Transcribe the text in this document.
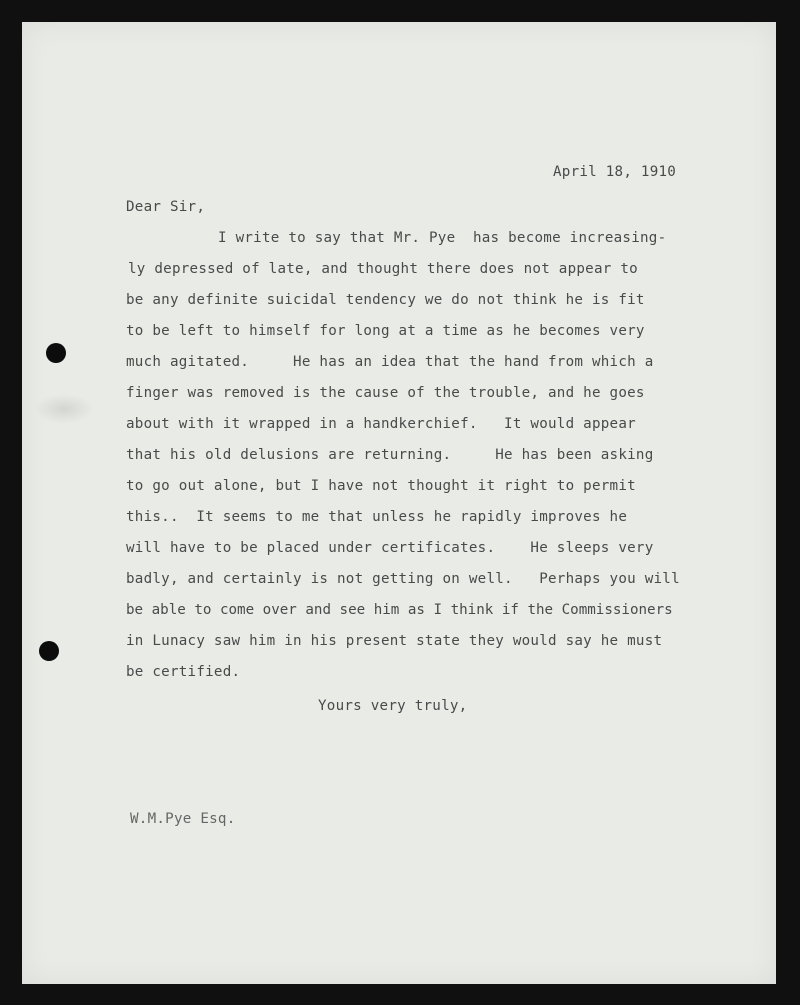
April 18, 1910

Dear Sir,

I write to say that Mr. Pye  has become increasing-

ly depressed of late, and thought there does not appear to

be any definite suicidal tendency we do not think he is fit

to be left to himself for long at a time as he becomes very

much agitated.     He has an idea that the hand from which a

finger was removed is the cause of the trouble, and he goes

about with it wrapped in a handkerchief.   It would appear

that his old delusions are returning.     He has been asking

to go out alone, but I have not thought it right to permit

this..  It seems to me that unless he rapidly improves he

will have to be placed under certificates.    He sleeps very

badly, and certainly is not getting on well.   Perhaps you will

be able to come over and see him as I think if the Commissioners

in Lunacy saw him in his present state they would say he must

be certified.

Yours very truly,

W.M.Pye Esq.
